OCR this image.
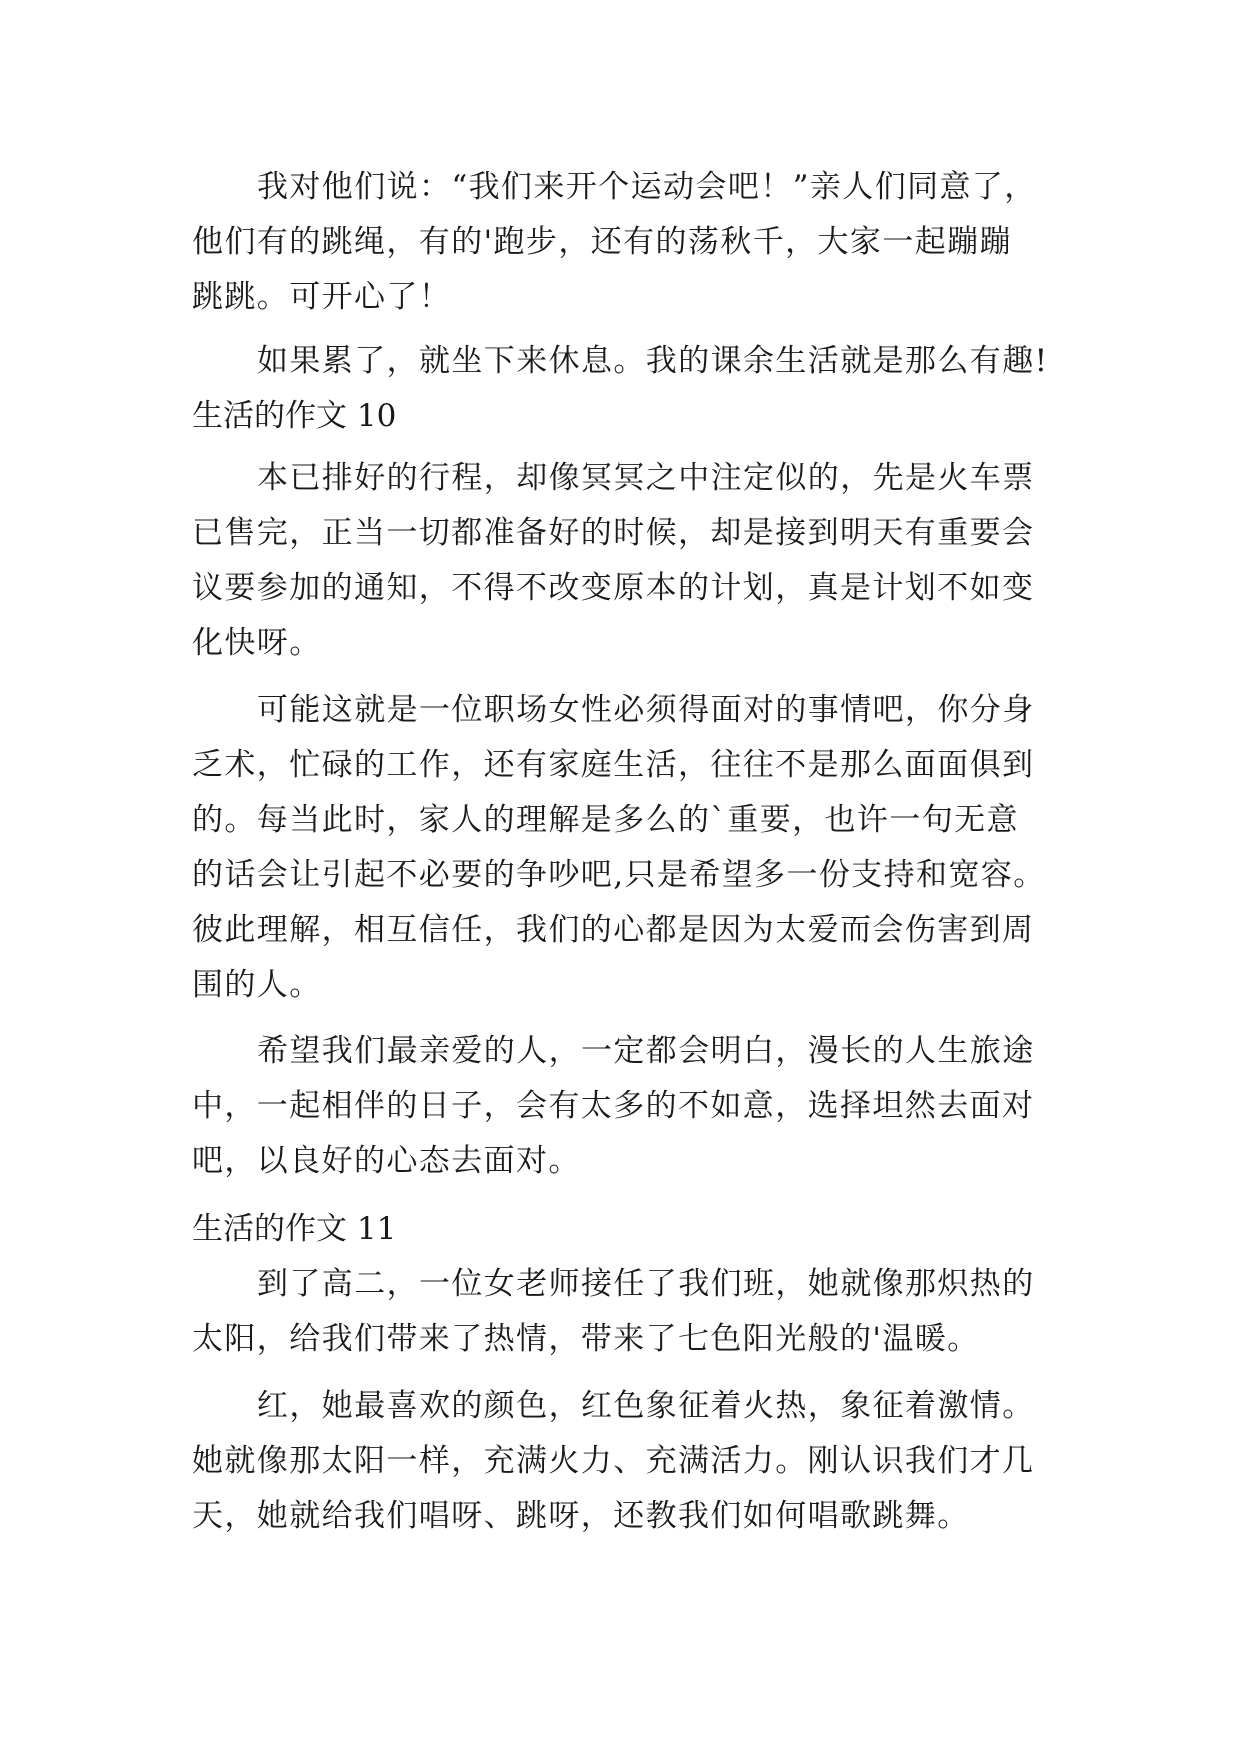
我对他们说：“我们来开个运动会吧！”亲人们同意了，
他们有的跳绳，有的'跑步，还有的荡秋千，大家一起蹦蹦
跳跳。可开心了！
如果累了，就坐下来休息。我的课余生活就是那么有趣!
生活的作文 10
本已排好的行程，却像冥冥之中注定似的，先是火车票
已售完，正当一切都准备好的时候，却是接到明天有重要会
议要参加的通知，不得不改变原本的计划，真是计划不如变
化快呀。
可能这就是一位职场女性必须得面对的事情吧，你分身
乏术，忙碌的工作，还有家庭生活，往往不是那么面面俱到
的。每当此时，家人的理解是多么的`重要，也许一句无意
的话会让引起不必要的争吵吧,只是希望多一份支持和宽容。
彼此理解，相互信任，我们的心都是因为太爱而会伤害到周
围的人。
希望我们最亲爱的人，一定都会明白，漫长的人生旅途
中，一起相伴的日子，会有太多的不如意，选择坦然去面对
吧，以良好的心态去面对。
生活的作文 11
到了高二，一位女老师接任了我们班，她就像那炽热的
太阳，给我们带来了热情，带来了七色阳光般的'温暖。
红，她最喜欢的颜色，红色象征着火热，象征着激情。
她就像那太阳一样，充满火力、充满活力。刚认识我们才几
天，她就给我们唱呀、跳呀，还教我们如何唱歌跳舞。
